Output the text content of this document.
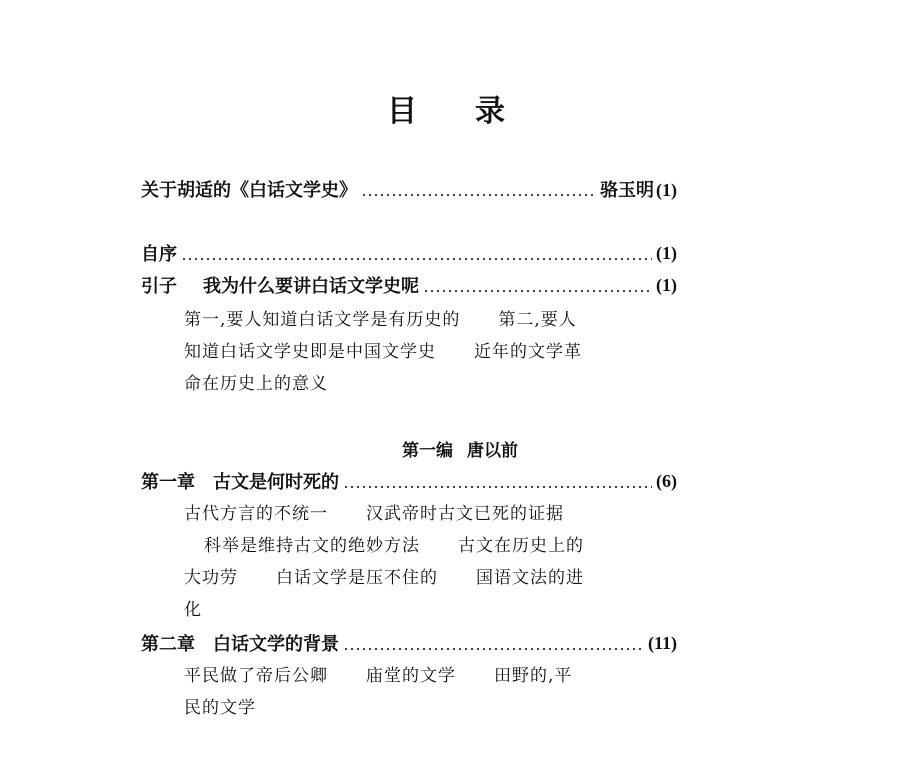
目录
关于胡适的《白话文学史》	骆玉明 (1)
自序	(1)
引子 我为什么要讲白话文学史呢	(1)
第一,要人知道白话文学是有历史的 第二,要人
知道白话文学史即是中国文学史 近年的文学革
命在历史上的意义
第一编 唐以前
第一章 古文是何时死的	(6)
古代方言的不统一 汉武帝时古文已死的证据
科举是维持古文的绝妙方法 古文在历史上的
大功劳 白话文学是压不住的 国语文法的进
化
第二章 白话文学的背景	(11)
平民做了帝后公卿 庙堂的文学 田野的,平
民的文学
